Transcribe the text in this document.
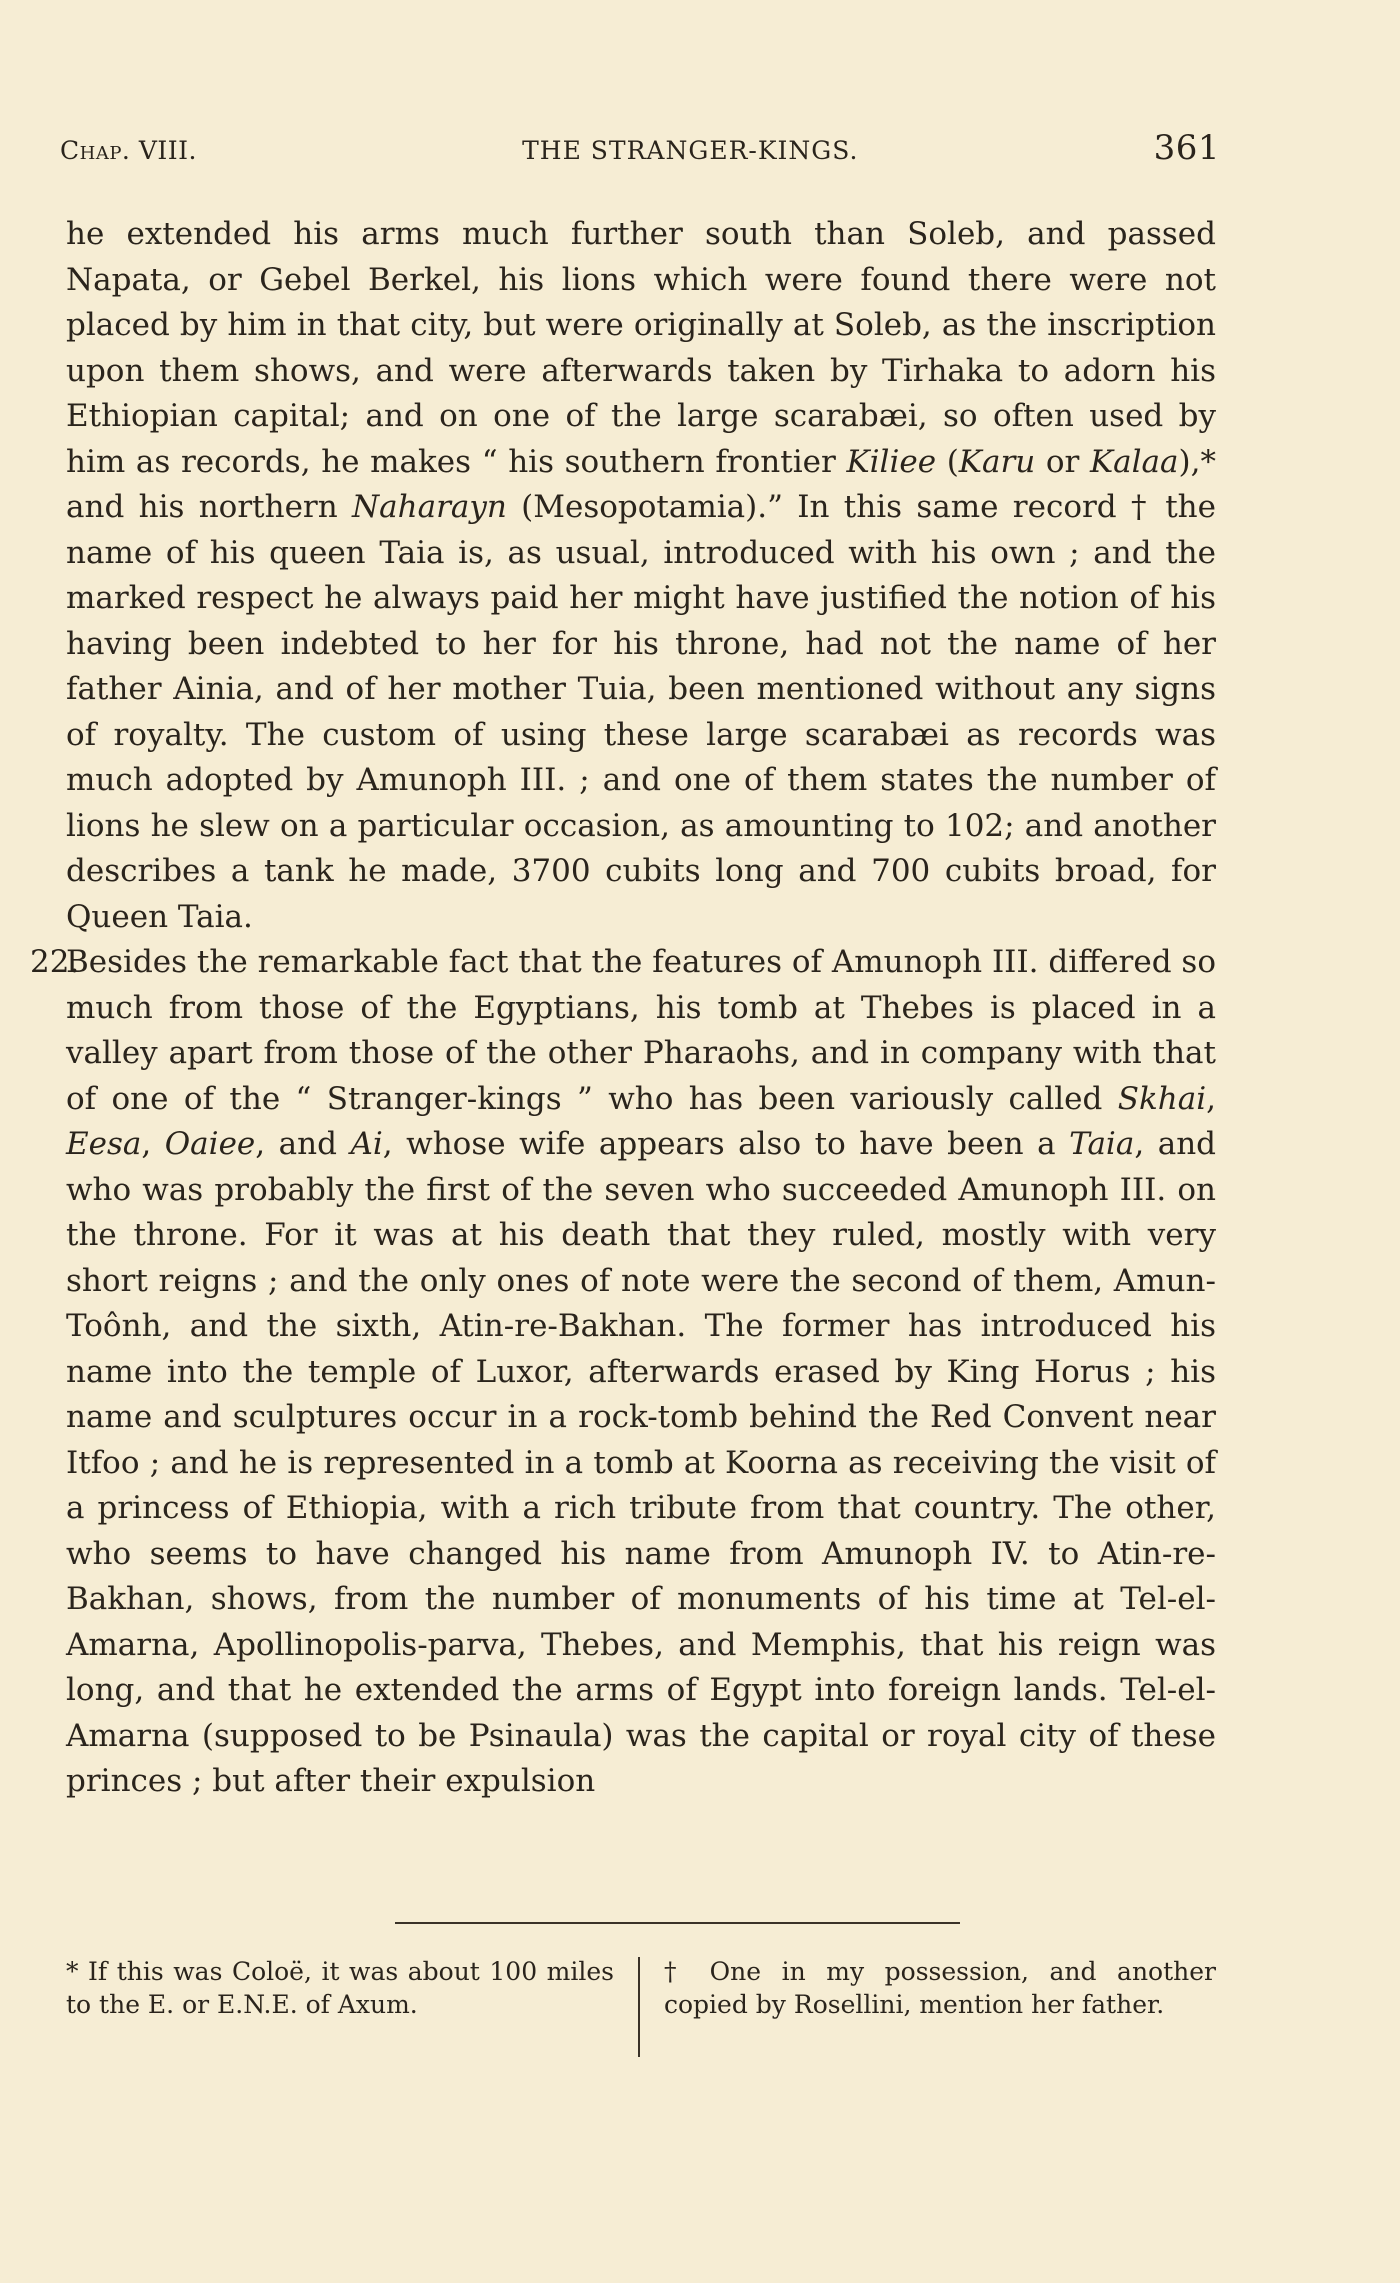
Chap. VIII.	THE STRANGER-KINGS.	361

he extended his arms much further south than Soleb, and passed Napata, or Gebel Berkel, his lions which were found there were not placed by him in that city, but were originally at Soleb, as the inscription upon them shows, and were afterwards taken by Tirhaka to adorn his Ethiopian capital; and on one of the large scarabæi, so often used by him as records, he makes “ his southern frontier Kiliee (Karu or Kalaa),* and his northern Naharayn (Mesopotamia).” In this same record † the name of his queen Taia is, as usual, introduced with his own ; and the marked respect he always paid her might have justified the notion of his having been indebted to her for his throne, had not the name of her father Ainia, and of her mother Tuia, been mentioned without any signs of royalty. The custom of using these large scarabæi as records was much adopted by Amunoph III. ; and one of them states the number of lions he slew on a particular occasion, as amounting to 102; and another describes a tank he made, 3700 cubits long and 700 cubits broad, for Queen Taia.

22.
Besides the remarkable fact that the features of Amunoph III. differed so much from those of the Egyptians, his tomb at Thebes is placed in a valley apart from those of the other Pharaohs, and in company with that of one of the “ Stranger-kings ” who has been variously called Skhai, Eesa, Oaiee, and Ai, whose wife appears also to have been a Taia, and who was probably the first of the seven who succeeded Amunoph III. on the throne. For it was at his death that they ruled, mostly with very short reigns ; and the only ones of note were the second of them, Amun-Toônh, and the sixth, Atin-re-Bakhan. The former has introduced his name into the temple of Luxor, afterwards erased by King Horus ; his name and sculptures occur in a rock-tomb behind the Red Convent near Itfoo ; and he is represented in a tomb at Koorna as receiving the visit of a princess of Ethiopia, with a rich tribute from that country. The other, who seems to have changed his name from Amunoph IV. to Atin-re-Bakhan, shows, from the number of monuments of his time at Tel-el-Amarna, Apollinopolis-parva, Thebes, and Memphis, that his reign was long, and that he extended the arms of Egypt into foreign lands. Tel-el-Amarna (supposed to be Psinaula) was the capital or royal city of these princes ; but after their expulsion

* If this was Coloë, it was about 100 miles to the E. or E.N.E. of Axum.
† One in my possession, and another copied by Rosellini, mention her father.
